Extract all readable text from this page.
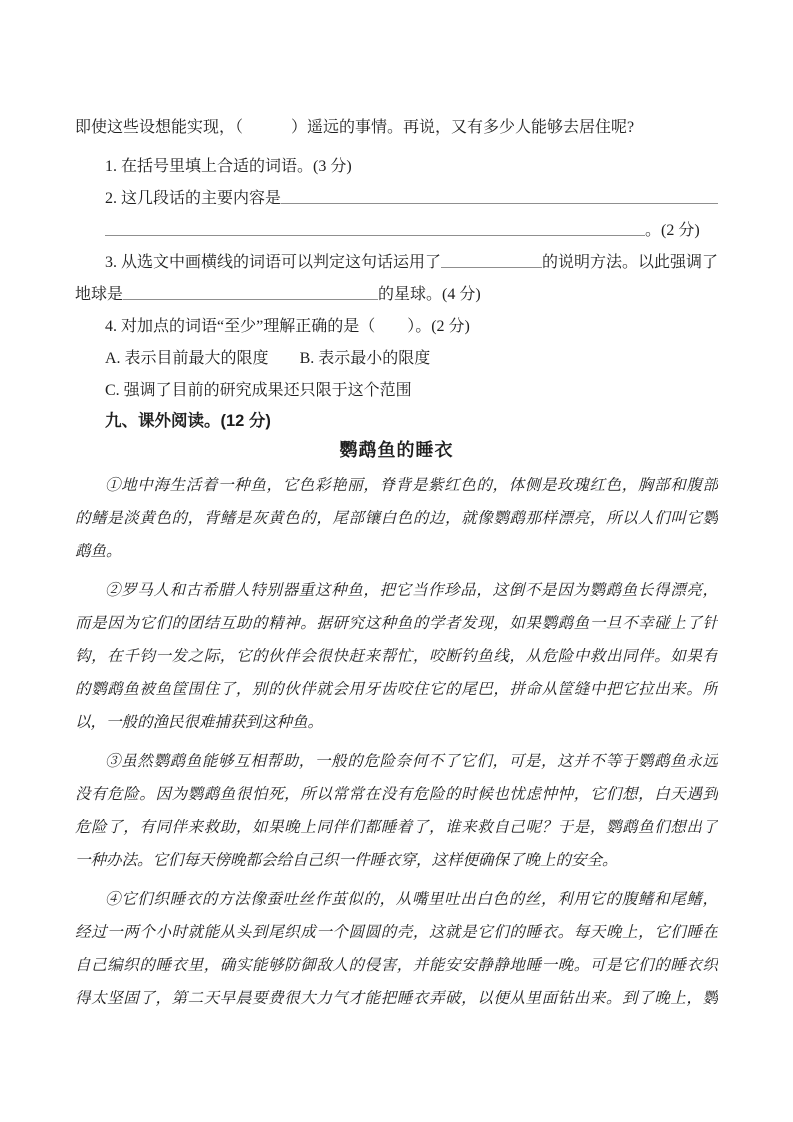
即使这些设想能实现，（　　　）遥远的事情。再说，又有多少人能够去居住呢?
1. 在括号里填上合适的词语。(3 分)
2. 这几段话的主要内容是
。(2 分)
3. 从选文中画横线的词语可以判定这句话运用了	的说明方法。以此强调了
地球是	的星球。(4 分)
4. 对加点的词语“至少”理解正确的是（　　）。(2 分)
A. 表示目前最大的限度 B. 表示最小的限度
C. 强调了目前的研究成果还只限于这个范围
九、课外阅读。(12 分)
鹦鹉鱼的睡衣
①地中海生活着一种鱼，它色彩艳丽，脊背是紫红色的，体侧是玫瑰红色，胸部和腹部
的鳍是淡黄色的，背鳍是灰黄色的，尾部镶白色的边，就像鹦鹉那样漂亮，所以人们叫它鹦
鹉鱼。
②罗马人和古希腊人特别器重这种鱼，把它当作珍品，这倒不是因为鹦鹉鱼长得漂亮，
而是因为它们的团结互助的精神。据研究这种鱼的学者发现，如果鹦鹉鱼一旦不幸碰上了针
钩，在千钧一发之际，它的伙伴会很快赶来帮忙，咬断钓鱼线，从危险中救出同伴。如果有
的鹦鹉鱼被鱼筐围住了，别的伙伴就会用牙齿咬住它的尾巴，拼命从筐缝中把它拉出来。所
以，一般的渔民很难捕获到这种鱼。
③虽然鹦鹉鱼能够互相帮助，一般的危险奈何不了它们，可是，这并不等于鹦鹉鱼永远
没有危险。因为鹦鹉鱼很怕死，所以常常在没有危险的时候也忧虑忡忡，它们想，白天遇到
危险了，有同伴来救助，如果晚上同伴们都睡着了，谁来救自己呢？于是，鹦鹉鱼们想出了
一种办法。它们每天傍晚都会给自己织一件睡衣穿，这样便确保了晚上的安全。
④它们织睡衣的方法像蚕吐丝作茧似的，从嘴里吐出白色的丝，利用它的腹鳍和尾鳍，
经过一两个小时就能从头到尾织成一个圆圆的壳，这就是它们的睡衣。每天晚上，它们睡在
自己编织的睡衣里，确实能够防御敌人的侵害，并能安安静静地睡一晚。可是它们的睡衣织
得太坚固了，第二天早晨要费很大力气才能把睡衣弄破，以便从里面钻出来。到了晚上，鹦
